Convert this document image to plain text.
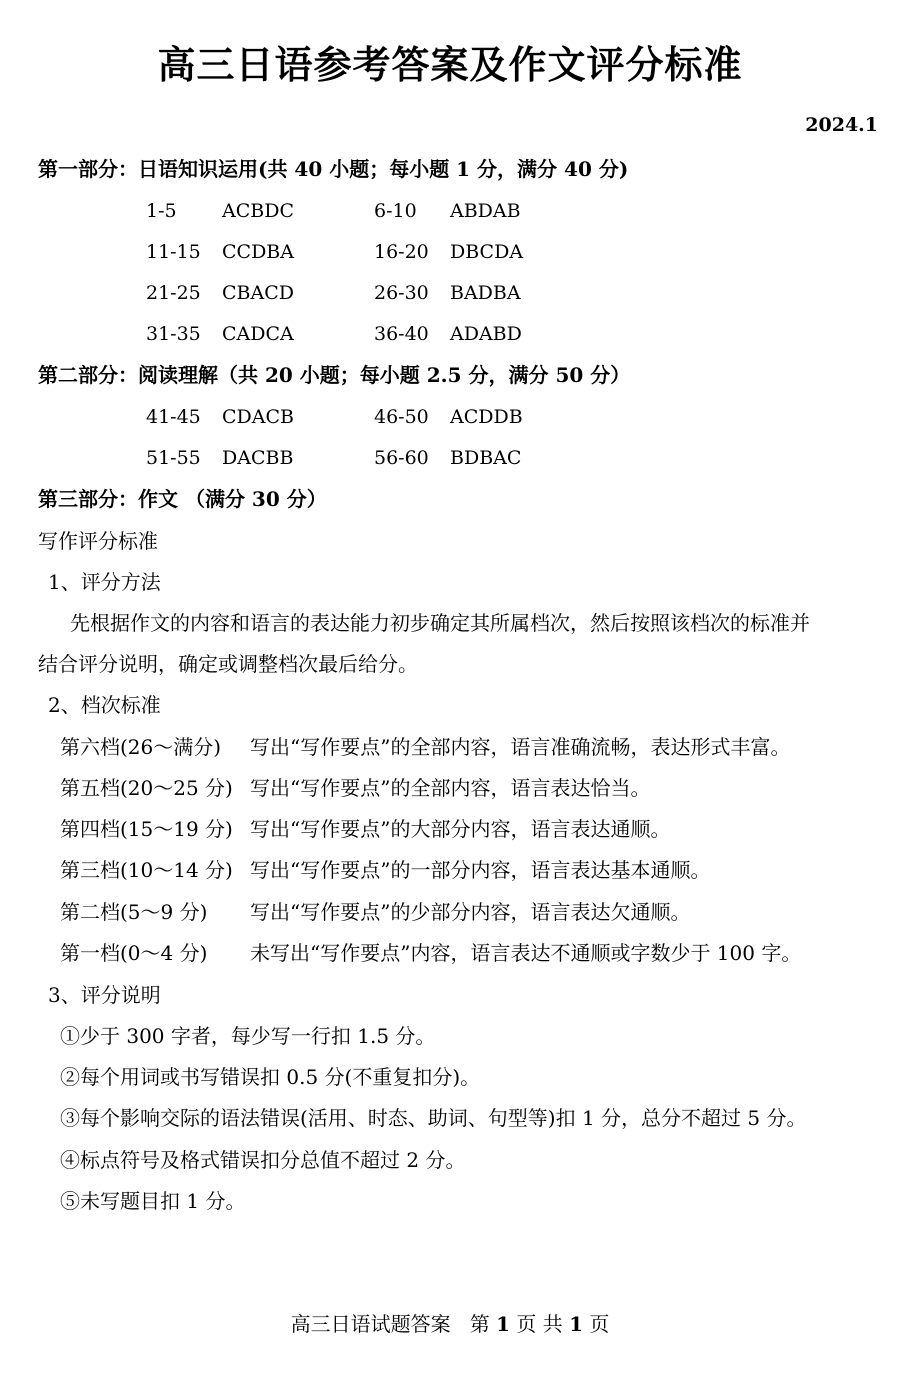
高三日语参考答案及作文评分标准
2024.1
第一部分：日语知识运用(共 40 小题；每小题 1 分，满分 40 分)
1-5 ACBDC	6-10 ABDAB
11-15 CCDBA	16-20 DBCDA
21-25 CBACD	26-30 BADBA
31-35 CADCA	36-40 ADABD
第二部分：阅读理解（共 20 小题；每小题 2.5 分，满分 50 分）
41-45 CDACB	46-50 ACDDB
51-55 DACBB	56-60 BDBAC
第三部分：作文 （满分 30 分）
写作评分标准
1、评分方法
先根据作文的内容和语言的表达能力初步确定其所属档次，然后按照该档次的标准并
结合评分说明，确定或调整档次最后给分。
2、档次标准
第六档(26～满分) 写出“写作要点”的全部内容，语言准确流畅，表达形式丰富。
第五档(20～25 分) 写出“写作要点”的全部内容，语言表达恰当。
第四档(15～19 分) 写出“写作要点”的大部分内容，语言表达通顺。
第三档(10～14 分) 写出“写作要点”的一部分内容，语言表达基本通顺。
第二档(5～9 分) 写出“写作要点”的少部分内容，语言表达欠通顺。
第一档(0～4 分) 未写出“写作要点”内容，语言表达不通顺或字数少于 100 字。
3、评分说明
①少于 300 字者，每少写一行扣 1.5 分。
②每个用词或书写错误扣 0.5 分(不重复扣分)。
③每个影响交际的语法错误(活用、时态、助词、句型等)扣 1 分，总分不超过 5 分。
④标点符号及格式错误扣分总值不超过 2 分。
⑤未写题目扣 1 分。
高三日语试题答案 第 1 页 共 1 页
